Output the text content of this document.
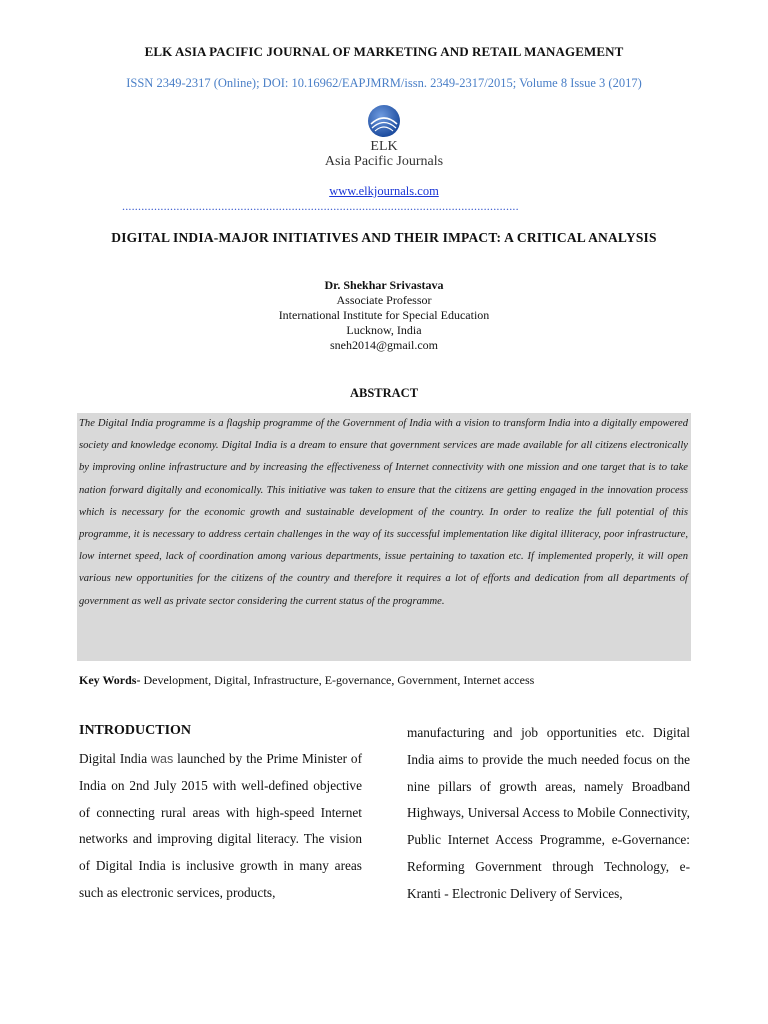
ELK ASIA PACIFIC JOURNAL OF MARKETING AND RETAIL MANAGEMENT
ISSN 2349-2317 (Online); DOI: 10.16962/EAPJMRM/issn. 2349-2317/2015; Volume 8 Issue 3 (2017)
ELK
Asia Pacific Journals
www.elkjournals.com
............................................................................................................................
DIGITAL INDIA-MAJOR INITIATIVES AND THEIR IMPACT: A CRITICAL ANALYSIS
Dr. Shekhar Srivastava
Associate Professor
International Institute for Special Education
Lucknow, India
sneh2014@gmail.com
ABSTRACT

The Digital India programme is a flagship programme of the Government of India with a vision to transform India into a digitally empowered society and knowledge economy. Digital India is a dream to ensure that government services are made available for all citizens electronically by improving online infrastructure and by increasing the effectiveness of Internet connectivity with one mission and one target that is to take nation forward digitally and economically. This initiative was taken to ensure that the citizens are getting engaged in the innovation process which is necessary for the economic growth and sustainable development of the country. In order to realize the full potential of this programme, it is necessary to address certain challenges in the way of its successful implementation like digital illiteracy, poor infrastructure, low internet speed, lack of coordination among various departments, issue pertaining to taxation etc. If implemented properly, it will open various new opportunities for the citizens of the country and therefore it requires a lot of efforts and dedication from all departments of government as well as private sector considering the current status of the programme.

Key Words- Development, Digital, Infrastructure, E-governance, Government, Internet access
INTRODUCTION

Digital India was launched by the Prime Minister of India on 2nd July 2015 with well-defined objective of connecting rural areas with high-speed Internet networks and improving digital literacy. The vision of Digital India is inclusive growth in many areas such as electronic services, products,

manufacturing and job opportunities etc. Digital India aims to provide the much needed focus on the nine pillars of growth areas, namely Broadband Highways, Universal Access to Mobile Connectivity, Public Internet Access Programme, e-Governance: Reforming Government through Technology, e-Kranti - Electronic Delivery of Services,
